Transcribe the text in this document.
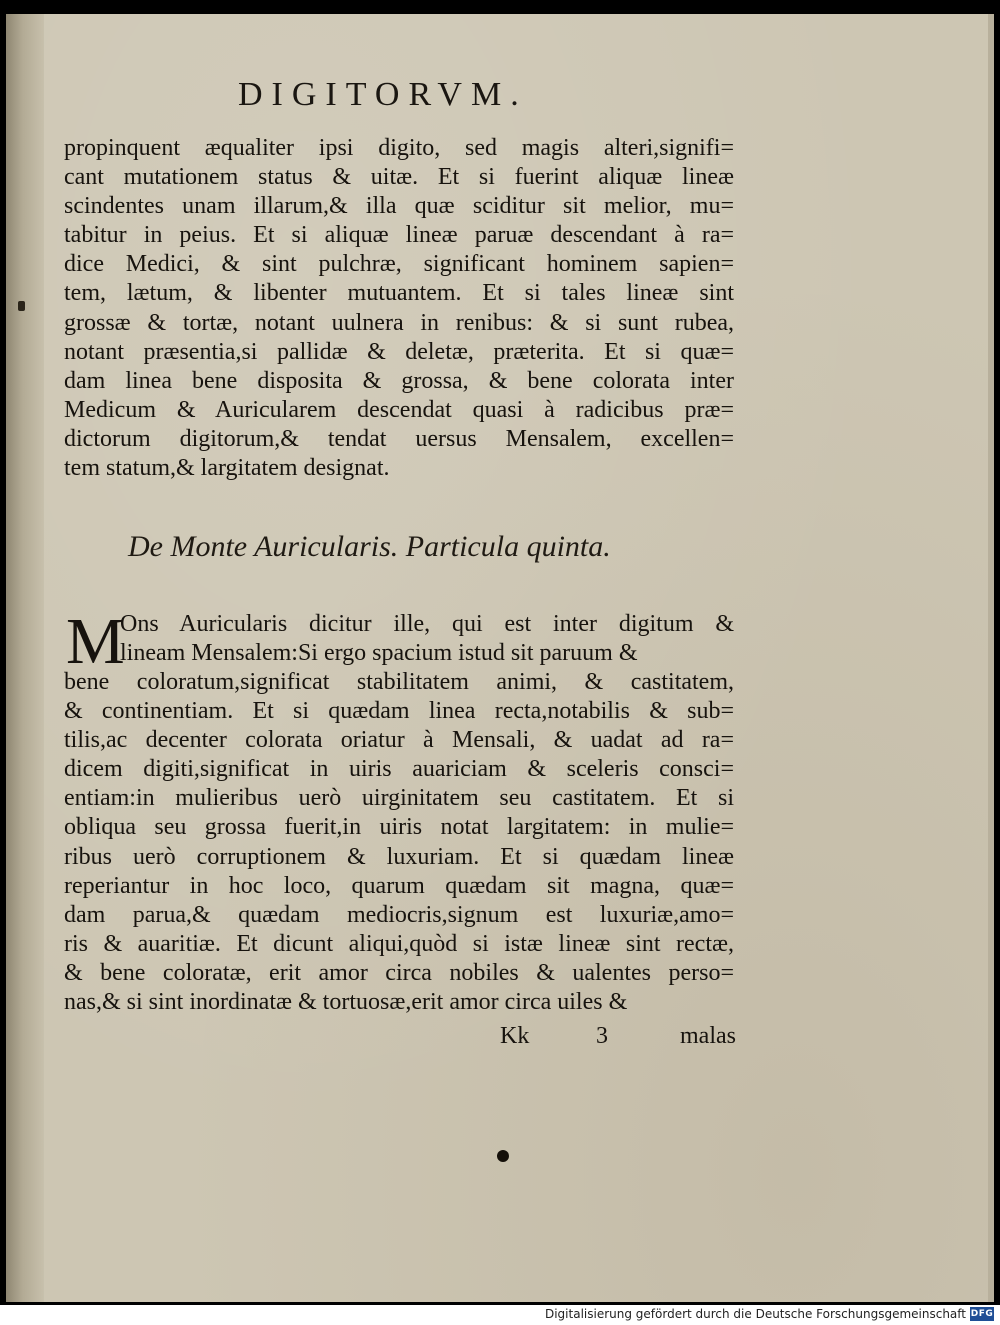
DIGITORVM.
propinquent æqualiter ipsi digito, sed magis alteri,signifi=
cant mutationem status & uitæ. Et si fuerint aliquæ lineæ
scindentes unam illarum,& illa quæ sciditur sit melior, mu=
tabitur in peius. Et si aliquæ lineæ paruæ descendant à ra=
dice Medici, & sint pulchræ, significant hominem sapien=
tem, lætum, & libenter mutuantem. Et si tales lineæ sint
grossæ & tortæ, notant uulnera in renibus: & si sunt rubea,
notant præsentia,si pallidæ & deletæ, præterita. Et si quæ=
dam linea bene disposita & grossa, & bene colorata inter
Medicum & Auricularem descendat quasi à radicibus præ=
dictorum digitorum,& tendat uersus Mensalem, excellen=
tem statum,& largitatem designat.
De Monte Auricularis. Particula quinta.
M
Ons Auricularis dicitur ille, qui est inter digitum &
lineam Mensalem:Si ergo spacium istud sit paruum &
bene coloratum,significat stabilitatem animi, & castitatem,
& continentiam. Et si quædam linea recta,notabilis & sub=
tilis,ac decenter colorata oriatur à Mensali, & uadat ad ra=
dicem digiti,significat in uiris auariciam & sceleris consci=
entiam:in mulieribus uerò uirginitatem seu castitatem. Et si
obliqua seu grossa fuerit,in uiris notat largitatem: in mulie=
ribus uerò corruptionem & luxuriam. Et si quædam lineæ
reperiantur in hoc loco, quarum quædam sit magna, quæ=
dam parua,& quædam mediocris,signum est luxuriæ,amo=
ris & auaritiæ. Et dicunt aliqui,quòd si istæ lineæ sint rectæ,
& bene coloratæ, erit amor circa nobiles & ualentes perso=
nas,& si sint inordinatæ & tortuosæ,erit amor circa uiles &
Kk	3	malas
Digitalisierung gefördert durch die Deutsche Forschungsgemeinschaft DFG
